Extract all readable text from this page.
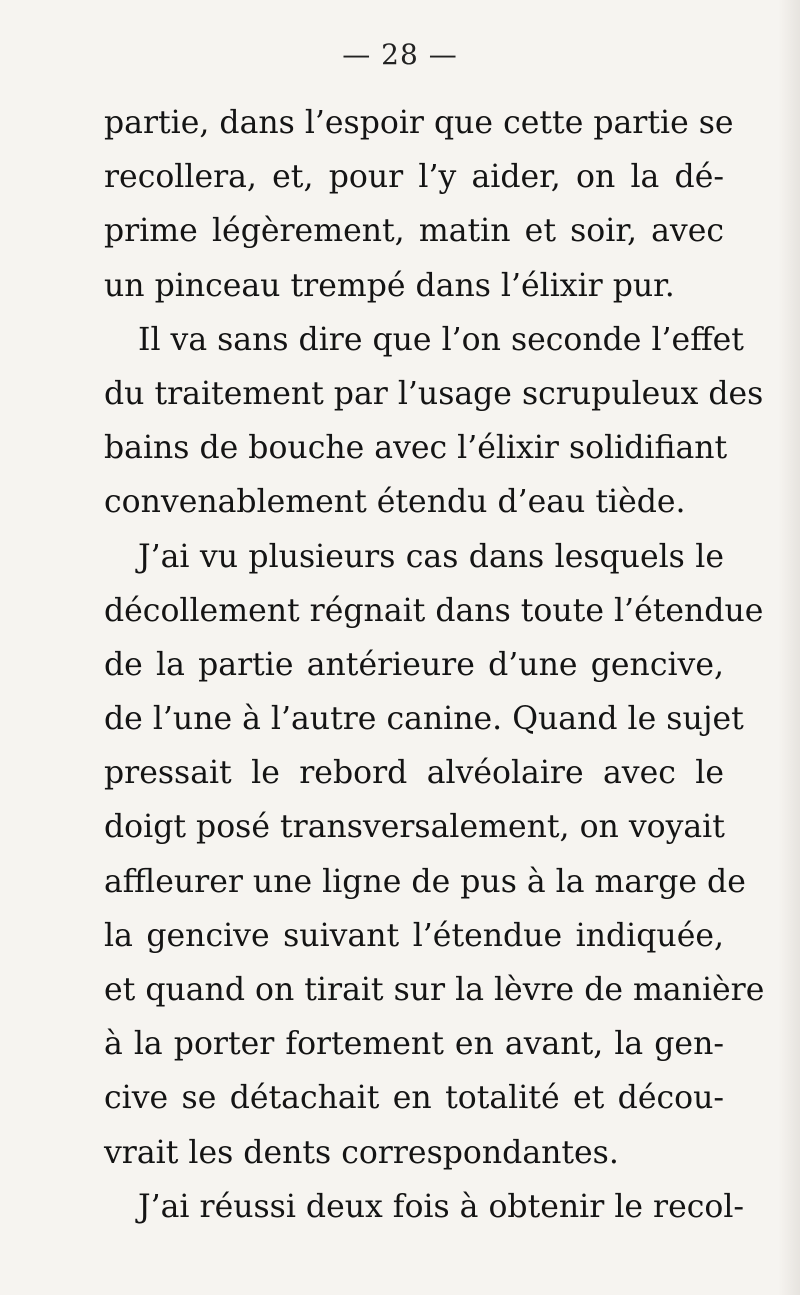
— 28 —
partie, dans l’espoir que cette partie se
recollera, et, pour l’y aider, on la dé-
prime légèrement, matin et soir, avec
un pinceau trempé dans l’élixir pur.
Il va sans dire que l’on seconde l’effet
du traitement par l’usage scrupuleux des
bains de bouche avec l’élixir solidifiant
convenablement étendu d’eau tiède.
J’ai vu plusieurs cas dans lesquels le
décollement régnait dans toute l’étendue
de la partie antérieure d’une gencive,
de l’une à l’autre canine. Quand le sujet
pressait le rebord alvéolaire avec le
doigt posé transversalement, on voyait
affleurer une ligne de pus à la marge de
la gencive suivant l’étendue indiquée,
et quand on tirait sur la lèvre de manière
à la porter fortement en avant, la gen-
cive se détachait en totalité et décou-
vrait les dents correspondantes.
J’ai réussi deux fois à obtenir le recol-
